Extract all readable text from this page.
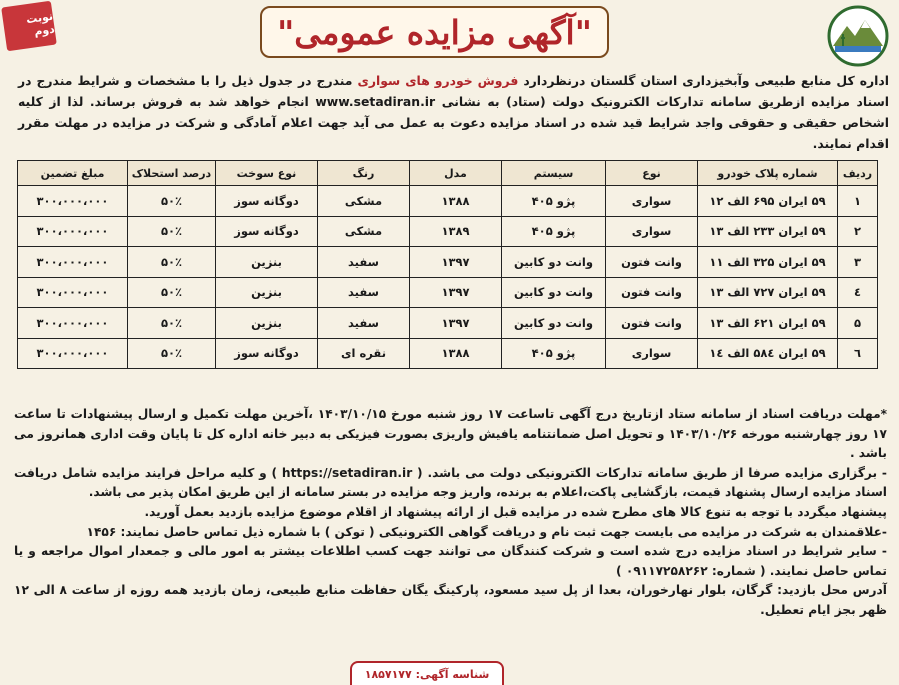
نوبت دوم	"آگهی مزایده عمومی"
اداره کل منابع طبیعی وآبخیزداری استان گلستان درنظردارد فروش خودرو های سواری مندرج در جدول ذیل را با مشخصات و شرایط مندرج در اسناد مزایده ازطریق سامانه تدارکات الکترونیک دولت (ستاد) به نشانی www.setadiran.ir انجام خواهد شد به فروش برساند. لذا از کلیه اشخاص حقیقی و حقوقی واجد شرایط قید شده در اسناد مزایده دعوت به عمل می آید جهت اعلام آمادگی و شرکت در مزایده در مهلت مقرر اقدام نمایند.
ردیف	شماره پلاک خودرو	نوع	سیستم	مدل	رنگ	نوع سوخت	درصد استحلاک	مبلغ تضمین
۱	۵۹ ایران ۶۹۵ الف ۱۲	سواری	پژو ۴۰۵	۱۳۸۸	مشکی	دوگانه سوز	۵۰٪	۳۰۰،۰۰۰،۰۰۰
۲	۵۹ ایران ۲۳۳ الف ۱۳	سواری	پژو ۴۰۵	۱۳۸۹	مشکی	دوگانه سوز	۵۰٪	۳۰۰،۰۰۰،۰۰۰
۳	۵۹ ایران ۳۲۵ الف ۱۱	وانت فتون	وانت دو کابین	۱۳۹۷	سفید	بنزین	۵۰٪	۳۰۰،۰۰۰،۰۰۰
٤	۵۹ ایران ۷۲۷ الف ۱۳	وانت فتون	وانت دو کابین	۱۳۹۷	سفید	بنزین	۵۰٪	۳۰۰،۰۰۰،۰۰۰
۵	۵۹ ایران ۶۲۱ الف ۱۳	وانت فتون	وانت دو کابین	۱۳۹۷	سفید	بنزین	۵۰٪	۳۰۰،۰۰۰،۰۰۰
٦	۵۹ ایران ۵۸٤ الف ۱٤	سواری	پژو ۴۰۵	۱۳۸۸	نقره ای	دوگانه سوز	۵۰٪	۳۰۰،۰۰۰،۰۰۰

*مهلت دریافت اسناد از سامانه ستاد ازتاریخ درج آگهی تاساعت ۱۷ روز شنبه مورخ ۱۴۰۳/۱۰/۱۵ ،آخرین مهلت تکمیل و ارسال پیشنهادات تا ساعت ۱۷ روز چهارشنبه مورخه ۱۴۰۳/۱۰/۲۶ و تحویل اصل ضمانتنامه یافیش واریزی بصورت فیزیکی به دبیر خانه اداره کل تا پایان وقت اداری همانروز می باشد .

- برگزاری مزایده صرفا از طریق سامانه تدارکات الکترونیکی دولت می باشد. ( https://setadiran.ir ) و کلیه مراحل فرایند مزایده شامل دریافت اسناد مزایده ارسال پشنهاد قیمت، بازگشایی پاکت،اعلام به برنده، واریز وجه مزایده در بستر سامانه از این طریق امکان پذیر می باشد.

پیشنهاد میگردد با توجه به تنوع کالا های مطرح شده در مزایده قبل از ارائه پیشنهاد از اقلام موضوع مزایده بازدید بعمل آورید.

-علاقمندان به شرکت در مزایده می بایست جهت ثبت نام و دریافت گواهی الکترونیکی ( توکن ) با شماره ذیل تماس حاصل نمایند: ۱۴۵۶

- سایر شرایط در اسناد مزایده درج شده است و شرکت کنندگان می توانند جهت کسب اطلاعات بیشتر به امور مالی و جمعدار اموال مراجعه و یا تماس حاصل نمایند. ( شماره: ۰۹۱۱۷۲۵۸۲۶۲ )

آدرس محل بازدید: گرگان، بلوار نهارخوران، بعدا از پل سید مسعود، پارکینگ یگان حفاظت منابع طبیعی، زمان بازدید همه روزه از ساعت ۸ الی ۱۲ ظهر بجز ایام تعطیل.

شناسه آگهی: ۱۸۵۷۱۷۷
